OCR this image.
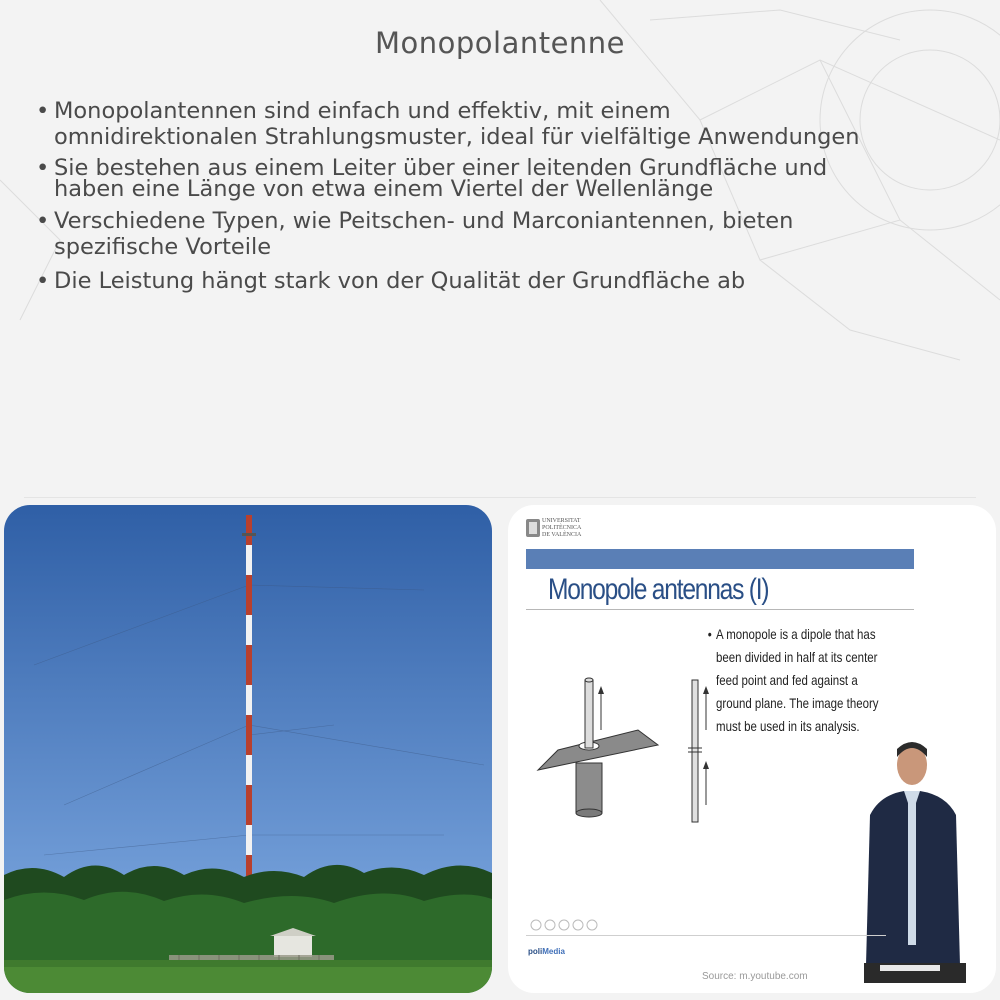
Monopolantenne
• Monopolantennen sind einfach und effektiv, mit einem
omnidirektionalen Strahlungsmuster, ideal für vielfältige Anwendungen
• Sie bestehen aus einem Leiter über einer leitenden Grundfläche und
haben eine Länge von etwa einem Viertel der Wellenlänge
• Verschiedene Typen, wie Peitschen- und Marconiantennen, bieten
spezifische Vorteile
• Die Leistung hängt stark von der Qualität der Grundfläche ab
UNIVERSITAT
POLITÈCNICA
DE VALÈNCIA
Monopole antennas (I)
• A monopole is a dipole that has
been divided in half at its center
feed point and fed against a
ground plane. The image theory
must be used in its analysis.
poliMedia
Source: m.youtube.com
